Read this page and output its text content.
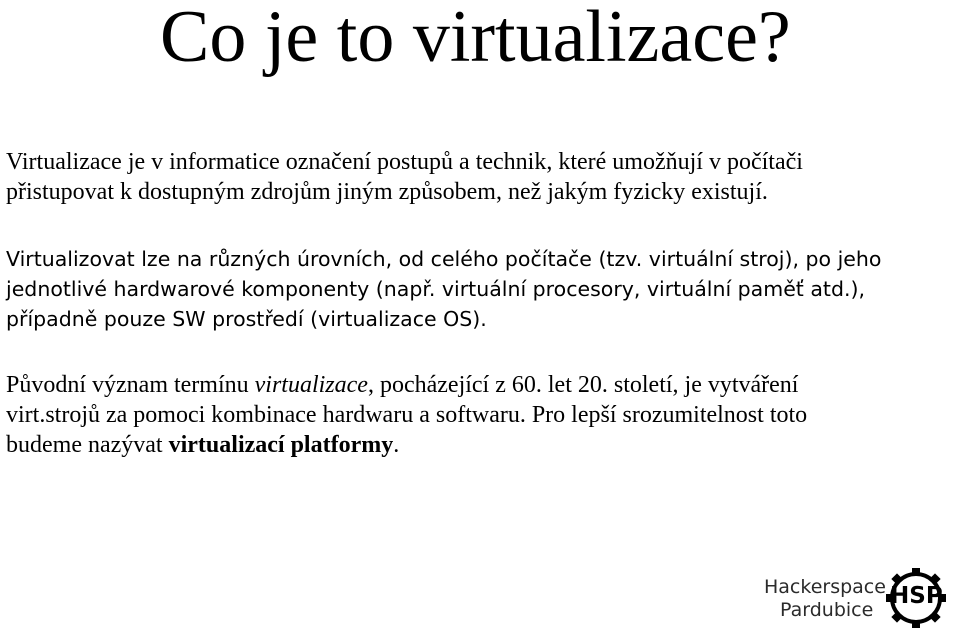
Co je to virtualizace?

Virtualizace je v informatice označení postupů a technik, které umožňují v počítači
přistupovat k dostupným zdrojům jiným způsobem, než jakým fyzicky existují.

Virtualizovat lze na různých úrovních, od celého počítače (tzv. virtuální stroj), po jeho
jednotlivé hardwarové komponenty (např. virtuální procesory, virtuální paměť atd.),
případně pouze SW prostředí (virtualizace OS).

Původní význam termínu virtualizace, pocházející z 60. let 20. století, je vytváření
virt.strojů za pomoci kombinace hardwaru a softwaru. Pro lepší srozumitelnost toto
budeme nazývat virtualizací platformy.

Hackerspace
Pardubice
HSP
